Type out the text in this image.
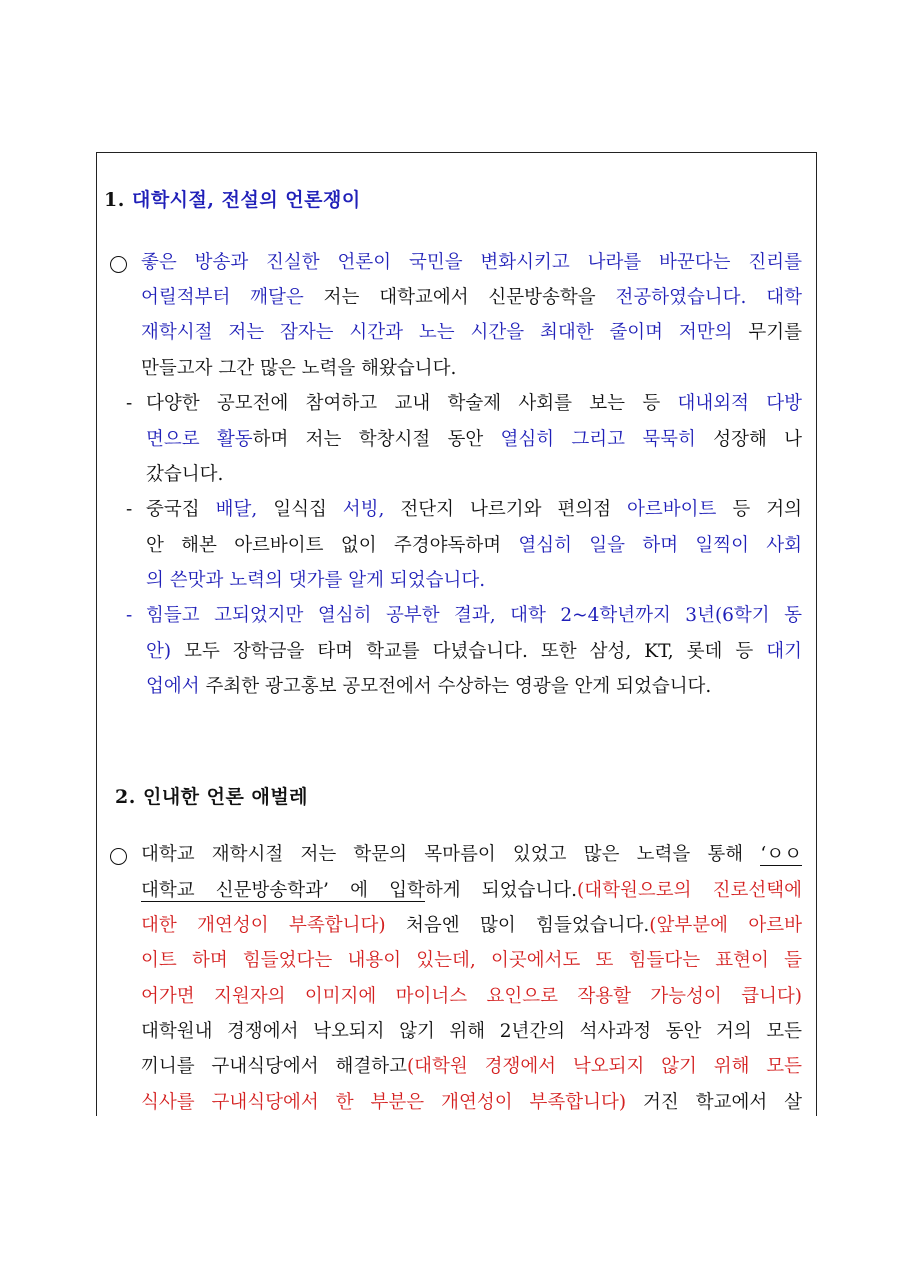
1. 대학시절, 전설의 언론쟁이
좋은 방송과 진실한 언론이 국민을 변화시키고 나라를 바꾼다는 진리를
어릴적부터 깨달은 저는 대학교에서 신문방송학을 전공하였습니다. 대학
재학시절 저는 잠자는 시간과 노는 시간을 최대한 줄이며 저만의 무기를
만들고자 그간 많은 노력을 해왔습니다.
- 다양한 공모전에 참여하고 교내 학술제 사회를 보는 등 대내외적 다방
면으로 활동하며 저는 학창시절 동안 열심히 그리고 묵묵히 성장해 나
갔습니다.
- 중국집 배달, 일식집 서빙, 전단지 나르기와 편의점 아르바이트 등 거의
안 해본 아르바이트 없이 주경야독하며 열심히 일을 하며 일찍이 사회
의 쓴맛과 노력의 댓가를 알게 되었습니다.
- 힘들고 고되었지만 열심히 공부한 결과, 대학 2~4학년까지 3년(6학기 동
안) 모두 장학금을 타며 학교를 다녔습니다. 또한 삼성, KT, 롯데 등 대기
업에서 주최한 광고홍보 공모전에서 수상하는 영광을 안게 되었습니다.
2. 인내한 언론 애벌레
대학교 재학시절 저는 학문의 목마름이 있었고 많은 노력을 통해 ‘ㅇㅇ
대학교 신문방송학과’ 에 입학하게 되었습니다.(대학원으로의 진로선택에
대한 개연성이 부족합니다) 처음엔 많이 힘들었습니다.(앞부분에 아르바
이트 하며 힘들었다는 내용이 있는데, 이곳에서도 또 힘들다는 표현이 들
어가면 지원자의 이미지에 마이너스 요인으로 작용할 가능성이 큽니다)
대학원내 경쟁에서 낙오되지 않기 위해 2년간의 석사과정 동안 거의 모든
끼니를 구내식당에서 해결하고(대학원 경쟁에서 낙오되지 않기 위해 모든
식사를 구내식당에서 한 부분은 개연성이 부족합니다) 거진 학교에서 살
